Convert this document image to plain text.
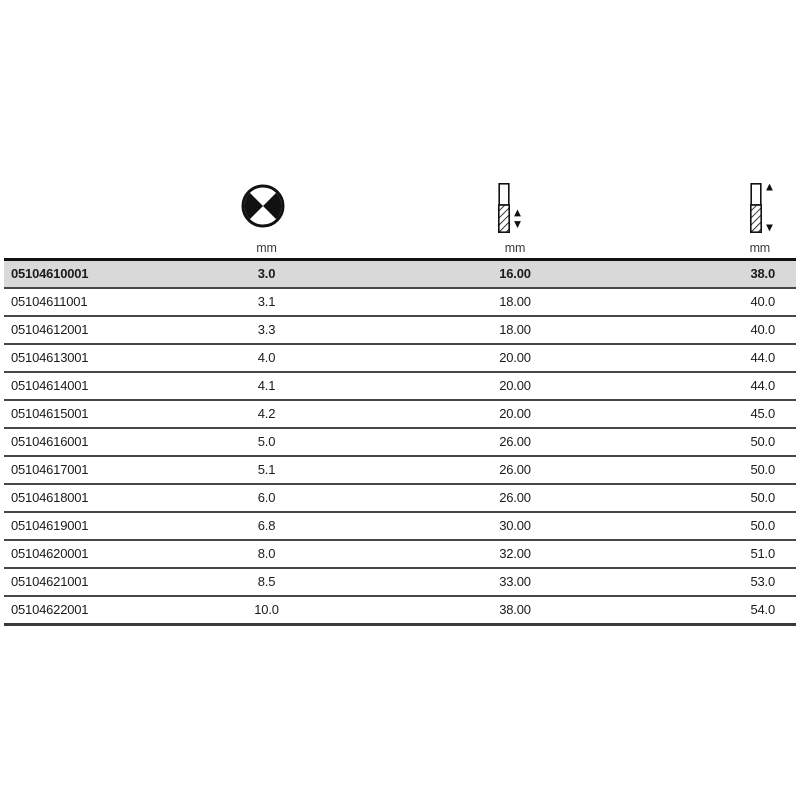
	mm	mm	mm
05104610001	3.0	16.00	38.0
05104611001	3.1	18.00	40.0
05104612001	3.3	18.00	40.0
05104613001	4.0	20.00	44.0
05104614001	4.1	20.00	44.0
05104615001	4.2	20.00	45.0
05104616001	5.0	26.00	50.0
05104617001	5.1	26.00	50.0
05104618001	6.0	26.00	50.0
05104619001	6.8	30.00	50.0
05104620001	8.0	32.00	51.0
05104621001	8.5	33.00	53.0
05104622001	10.0	38.00	54.0
